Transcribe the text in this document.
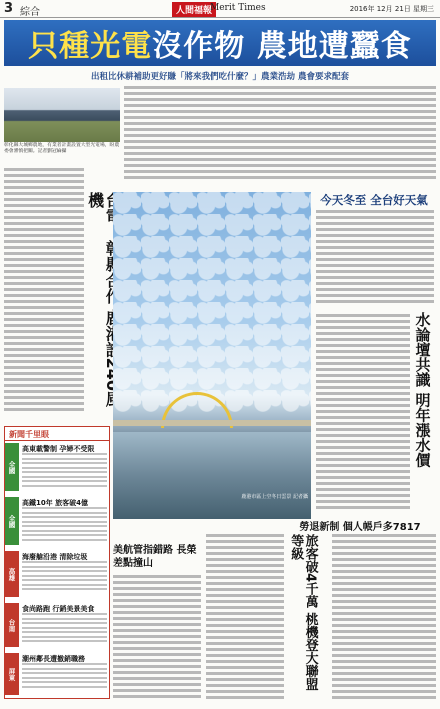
3 綜合	人間福報
Merit Times	2016年 12月 21日 星期三
只種光電 沒作物 農地遭蠶食
出租比休耕補助更好賺「將來我們吃什麼？」農業浩劫 農會要求配套
彰化縣大城鄉農地，有業者計畫設置大型光電場，盼農委會審慎把關。記者劉冠綸攝
機
鹿港市區上空冬日雲景 記者攝
今天冬至 全台好天氣
水論壇共識 明年漲水價
勞退新制 個人帳戶多7817
旅客破4千萬 桃機登大聯盟等級
美航管指錯路 長榮差點撞山
新聞千里眼
全國
高東載警制 孕婦不受限
全國
高鐵10年 旅客破4億
高雄
海廢艙沿港 清除垃圾
台南
食尚路跑 行銷美景美食
屏東
潮州鄰長遭撤銷職務
